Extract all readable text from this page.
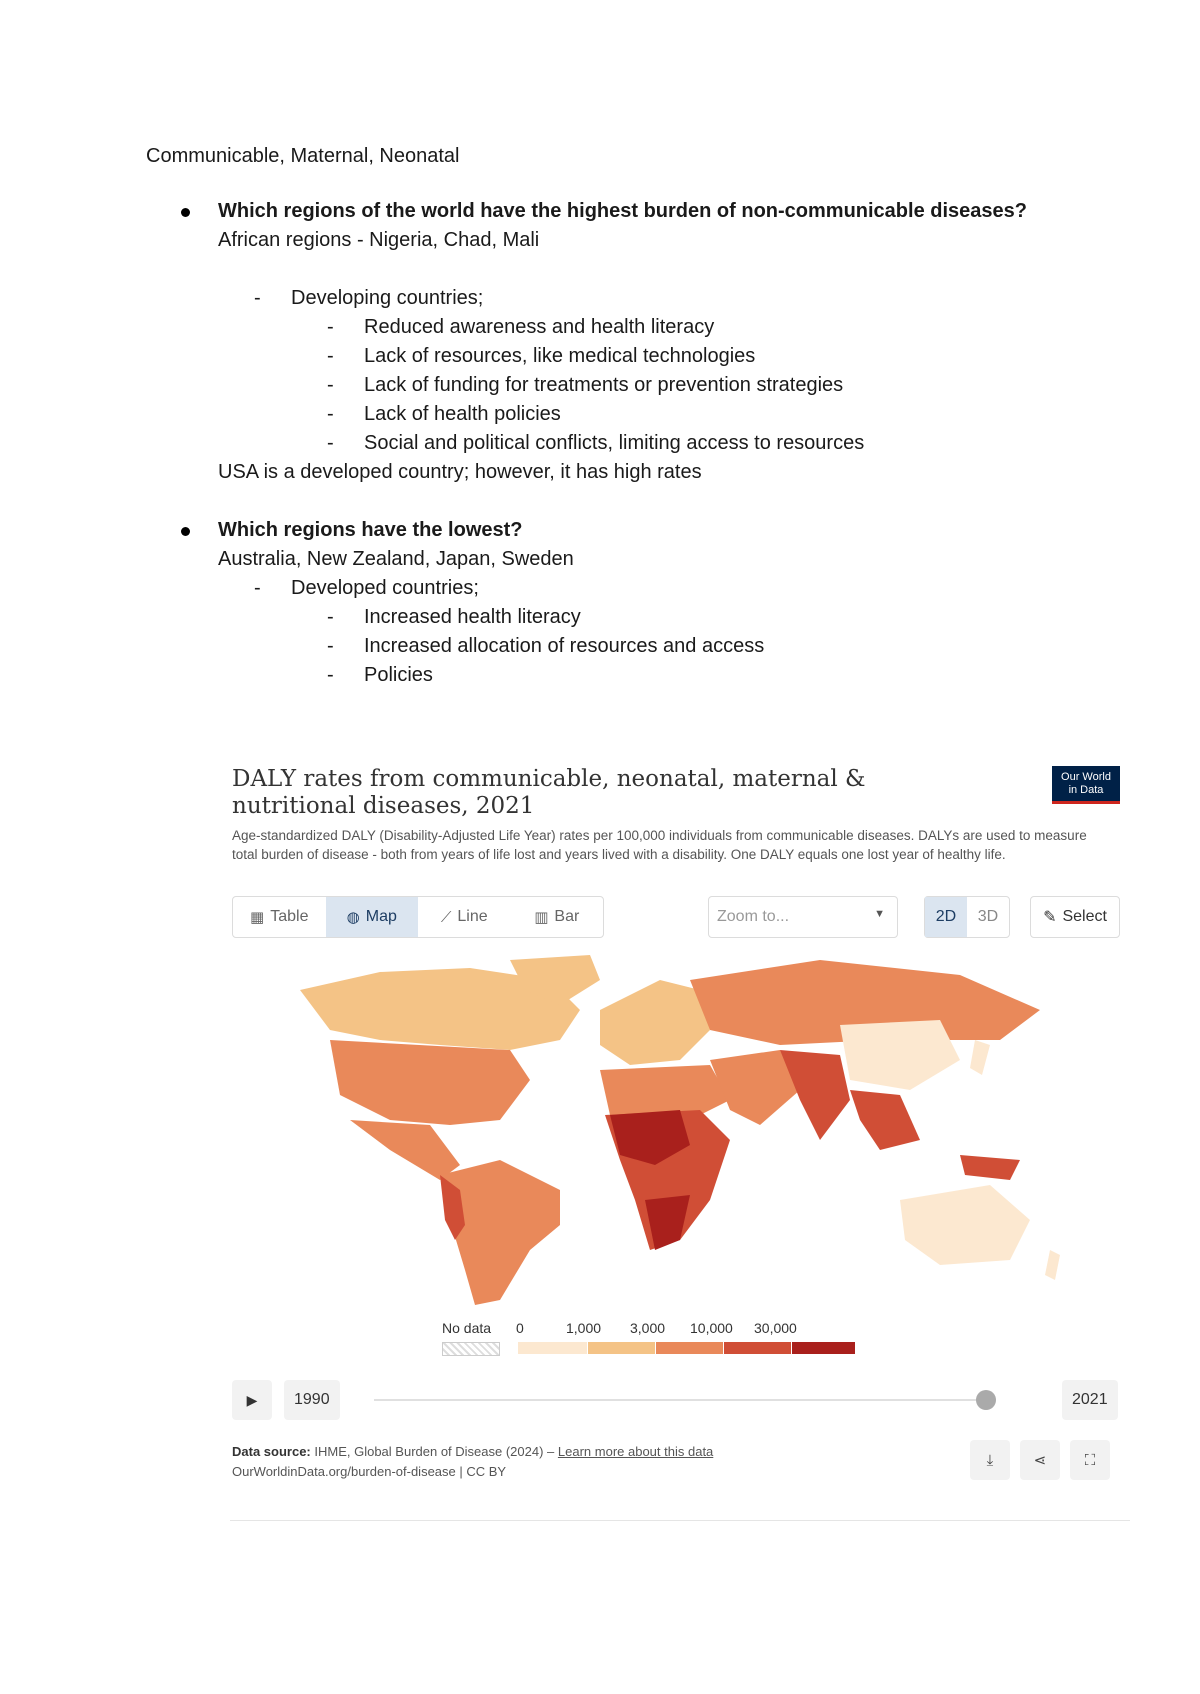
Communicable, Maternal, Neonatal
Which regions of the world have the highest burden of non-communicable diseases?
African regions - Nigeria, Chad, Mali
- Developing countries;
- Reduced awareness and health literacy
- Lack of resources, like medical technologies
- Lack of funding for treatments or prevention strategies
- Lack of health policies
- Social and political conflicts, limiting access to resources
USA is a developed country; however, it has high rates
Which regions have the lowest?
Australia, New Zealand, Japan, Sweden
- Developed countries;
- Increased health literacy
- Increased allocation of resources and access
- Policies
DALY rates from communicable, neonatal, maternal & nutritional diseases, 2021
Our World
in Data
Age-standardized DALY (Disability-Adjusted Life Year) rates per 100,000 individuals from communicable diseases. DALYs are used to measure total burden of disease - both from years of life lost and years lived with a disability. One DALY equals one lost year of healthy life.
▦ Table	◍ Map	⟋ Line	▥ Bar	Zoom to...	▼	2D	3D	✎ Select
No data 0	1,000 3,000 10,000 30,000
▶	1990	2021
Data source: IHME, Global Burden of Disease (2024) – Learn more about this data
OurWorldinData.org/burden-of-disease | CC BY
⤓	⋖	⛶
